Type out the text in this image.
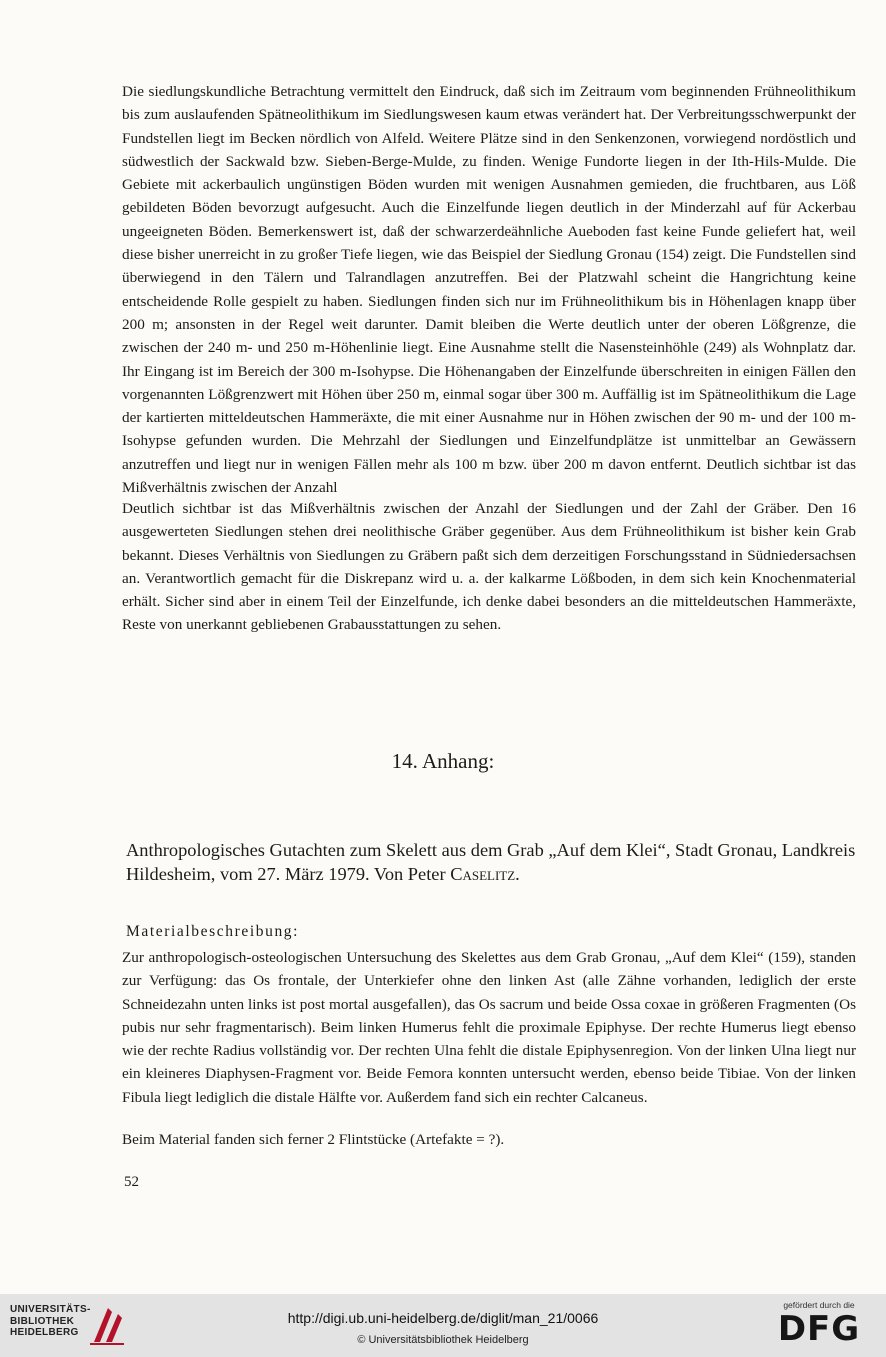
Die siedlungskundliche Betrachtung vermittelt den Eindruck, daß sich im Zeitraum vom beginnenden Frühneolithikum bis zum auslaufenden Spätneolithikum im Siedlungswesen kaum etwas verändert hat. Der Verbreitungsschwerpunkt der Fundstellen liegt im Becken nördlich von Alfeld. Weitere Plätze sind in den Senkenzonen, vorwiegend nordöstlich und südwestlich der Sackwald bzw. Sieben-Berge-Mulde, zu finden. Wenige Fundorte liegen in der Ith-Hils-Mulde. Die Gebiete mit ackerbaulich ungünstigen Böden wurden mit wenigen Ausnahmen gemieden, die fruchtbaren, aus Löß gebildeten Böden bevorzugt aufgesucht. Auch die Einzelfunde liegen deutlich in der Minderzahl auf für Ackerbau ungeeigneten Böden. Bemerkenswert ist, daß der schwarzerdeähnliche Aueboden fast keine Funde geliefert hat, weil diese bisher unerreicht in zu großer Tiefe liegen, wie das Beispiel der Siedlung Gronau (154) zeigt. Die Fundstellen sind überwiegend in den Tälern und Talrandlagen anzutreffen. Bei der Platzwahl scheint die Hangrichtung keine entscheidende Rolle gespielt zu haben. Siedlungen finden sich nur im Frühneolithikum bis in Höhenlagen knapp über 200 m; ansonsten in der Regel weit darunter. Damit bleiben die Werte deutlich unter der oberen Lößgrenze, die zwischen der 240 m- und 250 m-Höhenlinie liegt. Eine Ausnahme stellt die Nasensteinhöhle (249) als Wohnplatz dar. Ihr Eingang ist im Bereich der 300 m-Isohypse. Die Höhenangaben der Einzelfunde überschreiten in einigen Fällen den vorgenannten Lößgrenzwert mit Höhen über 250 m, einmal sogar über 300 m. Auffällig ist im Spätneolithikum die Lage der kartierten mitteldeutschen Hammeräxte, die mit einer Ausnahme nur in Höhen zwischen der 90 m- und der 100 m-Isohypse gefunden wurden. Die Mehrzahl der Siedlungen und Einzelfundplätze ist unmittelbar an Gewässern anzutreffen und liegt nur in wenigen Fällen mehr als 100 m bzw. über 200 m davon entfernt. Deutlich sichtbar ist das Mißverhältnis zwischen der Anzahl

Deutlich sichtbar ist das Mißverhältnis zwischen der Anzahl der Siedlungen und der Zahl der Gräber. Den 16 ausgewerteten Siedlungen stehen drei neolithische Gräber gegenüber. Aus dem Frühneolithikum ist bisher kein Grab bekannt. Dieses Verhältnis von Siedlungen zu Gräbern paßt sich dem derzeitigen Forschungsstand in Südniedersachsen an. Verantwortlich gemacht für die Diskrepanz wird u. a. der kalkarme Lößboden, in dem sich kein Knochenmaterial erhält. Sicher sind aber in einem Teil der Einzelfunde, ich denke dabei besonders an die mitteldeutschen Hammeräxte, Reste von unerkannt gebliebenen Grabausstattungen zu sehen.

14. Anhang:
Anthropologisches Gutachten zum Skelett aus dem Grab „Auf dem Klei“, Stadt Gronau, Landkreis Hildesheim, vom 27. März 1979. Von Peter Caselitz.
Materialbeschreibung:

Zur anthropologisch-osteologischen Untersuchung des Skelettes aus dem Grab Gronau, „Auf dem Klei“ (159), standen zur Verfügung: das Os frontale, der Unterkiefer ohne den linken Ast (alle Zähne vorhanden, lediglich der erste Schneidezahn unten links ist post mortal ausgefallen), das Os sacrum und beide Ossa coxae in größeren Fragmenten (Os pubis nur sehr fragmentarisch). Beim linken Humerus fehlt die proximale Epiphyse. Der rechte Humerus liegt ebenso wie der rechte Radius vollständig vor. Der rechten Ulna fehlt die distale Epiphysenregion. Von der linken Ulna liegt nur ein kleineres Diaphysen-Fragment vor. Beide Femora konnten untersucht werden, ebenso beide Tibiae. Von der linken Fibula liegt lediglich die distale Hälfte vor. Außerdem fand sich ein rechter Calcaneus.

Beim Material fanden sich ferner 2 Flintstücke (Artefakte = ?).

52
UNIVERSITÄTS-
BIBLIOTHEK
HEIDELBERG
http://digi.ub.uni-heidelberg.de/diglit/man_21/0066
© Universitätsbibliothek Heidelberg
gefördert durch die
DFG
